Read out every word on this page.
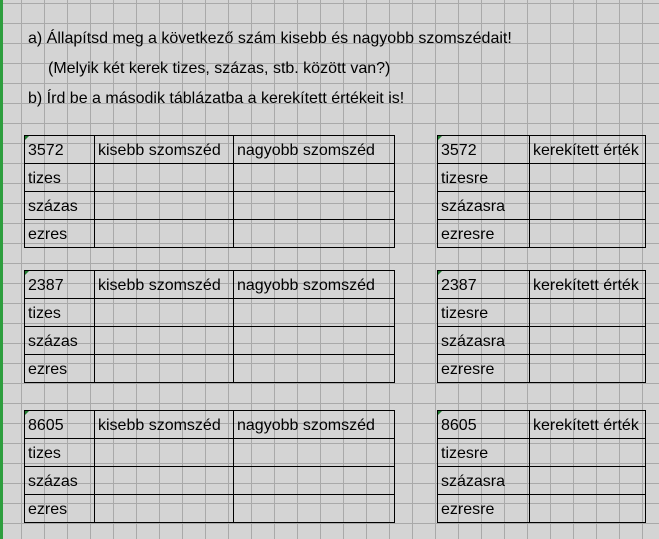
a) Állapítsd meg a következő szám kisebb és nagyobb szomszédait!
(Melyik két kerek tizes, százas, stb. között van?)
b) Írd be a második táblázatba a kerekített értékeit is!
3572	kisebb szomszéd	nagyobb szomszéd
tizes		
százas		
ezres		
3572	kerekített érték
tizesre	
százasra	
ezresre	
2387	kisebb szomszéd	nagyobb szomszéd
tizes		
százas		
ezres		
2387	kerekített érték
tizesre	
százasra	
ezresre	
8605	kisebb szomszéd	nagyobb szomszéd
tizes		
százas		
ezres		
8605	kerekített érték
tizesre	
százasra	
ezresre	
